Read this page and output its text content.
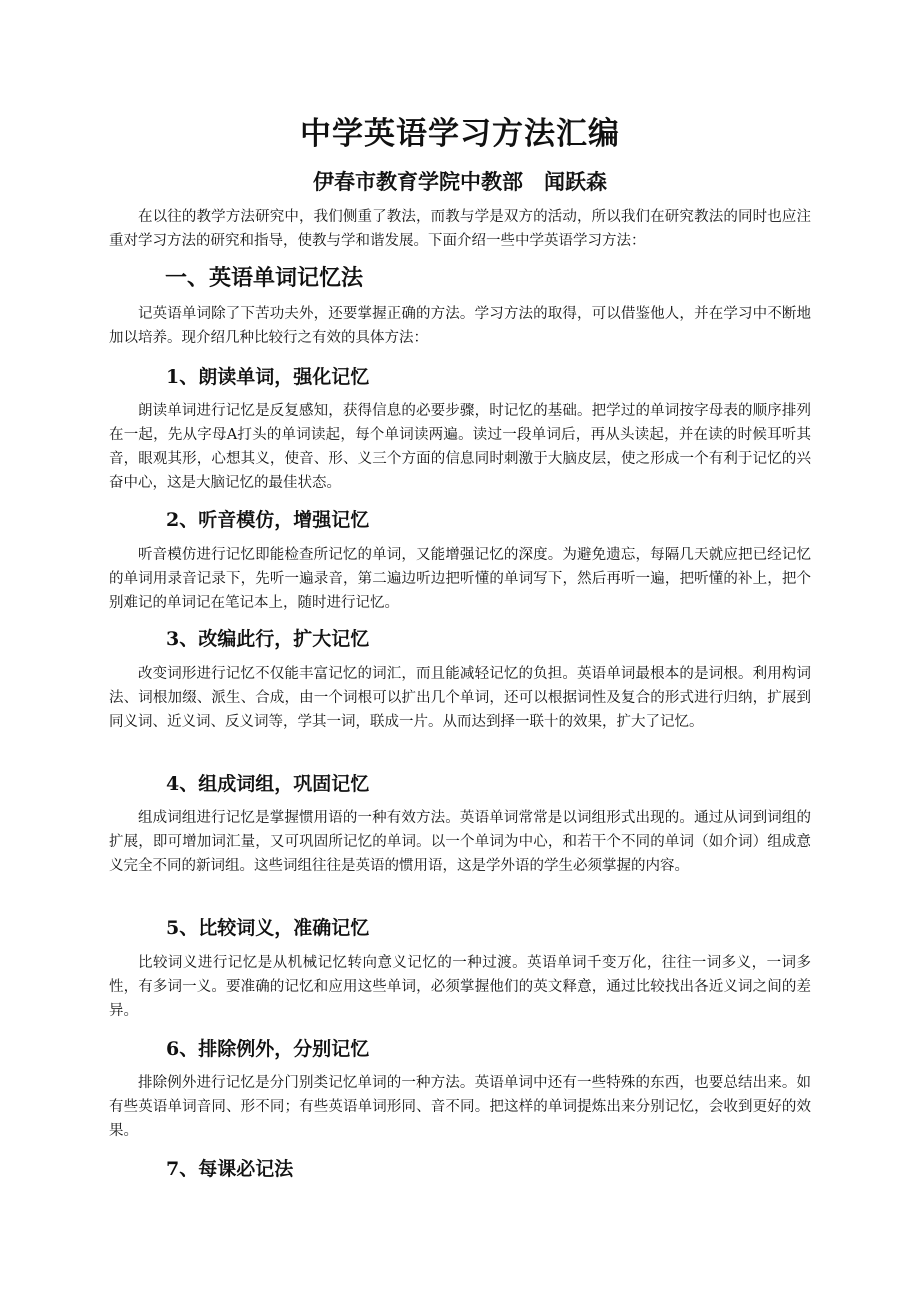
中学英语学习方法汇编
伊春市教育学院中教部　闻跃森

在以往的教学方法研究中，我们侧重了教法，而教与学是双方的活动，所以我们在研究教法的同时也应注重对学习方法的研究和指导，使教与学和谐发展。下面介绍一些中学英语学习方法：

一、英语单词记忆法

记英语单词除了下苦功夫外，还要掌握正确的方法。学习方法的取得，可以借鉴他人，并在学习中不断地加以培养。现介绍几种比较行之有效的具体方法：

1、朗读单词，强化记忆

朗读单词进行记忆是反复感知，获得信息的必要步骤，时记忆的基础。把学过的单词按字母表的顺序排列在一起，先从字母A打头的单词读起，每个单词读两遍。读过一段单词后，再从头读起，并在读的时候耳听其音，眼观其形，心想其义，使音、形、义三个方面的信息同时刺激于大脑皮层，使之形成一个有利于记忆的兴奋中心，这是大脑记忆的最佳状态。

2、听音模仿，增强记忆

听音模仿进行记忆即能检查所记忆的单词，又能增强记忆的深度。为避免遗忘，每隔几天就应把已经记忆的单词用录音记录下，先听一遍录音，第二遍边听边把听懂的单词写下，然后再听一遍，把听懂的补上，把个别难记的单词记在笔记本上，随时进行记忆。

3、改编此行，扩大记忆

改变词形进行记忆不仅能丰富记忆的词汇，而且能减轻记忆的负担。英语单词最根本的是词根。利用构词法、词根加缀、派生、合成，由一个词根可以扩出几个单词，还可以根据词性及复合的形式进行归纳，扩展到同义词、近义词、反义词等，学其一词，联成一片。从而达到择一联十的效果，扩大了记忆。

4、组成词组，巩固记忆

组成词组进行记忆是掌握惯用语的一种有效方法。英语单词常常是以词组形式出现的。通过从词到词组的扩展，即可增加词汇量，又可巩固所记忆的单词。以一个单词为中心，和若干个不同的单词（如介词）组成意义完全不同的新词组。这些词组往往是英语的惯用语，这是学外语的学生必须掌握的内容。

5、比较词义，准确记忆

比较词义进行记忆是从机械记忆转向意义记忆的一种过渡。英语单词千变万化，往往一词多义，一词多性，有多词一义。要准确的记忆和应用这些单词，必须掌握他们的英文释意，通过比较找出各近义词之间的差异。

6、排除例外，分别记忆

排除例外进行记忆是分门别类记忆单词的一种方法。英语单词中还有一些特殊的东西，也要总结出来。如有些英语单词音同、形不同；有些英语单词形同、音不同。把这样的单词提炼出来分别记忆，会收到更好的效果。

7、每课必记法
